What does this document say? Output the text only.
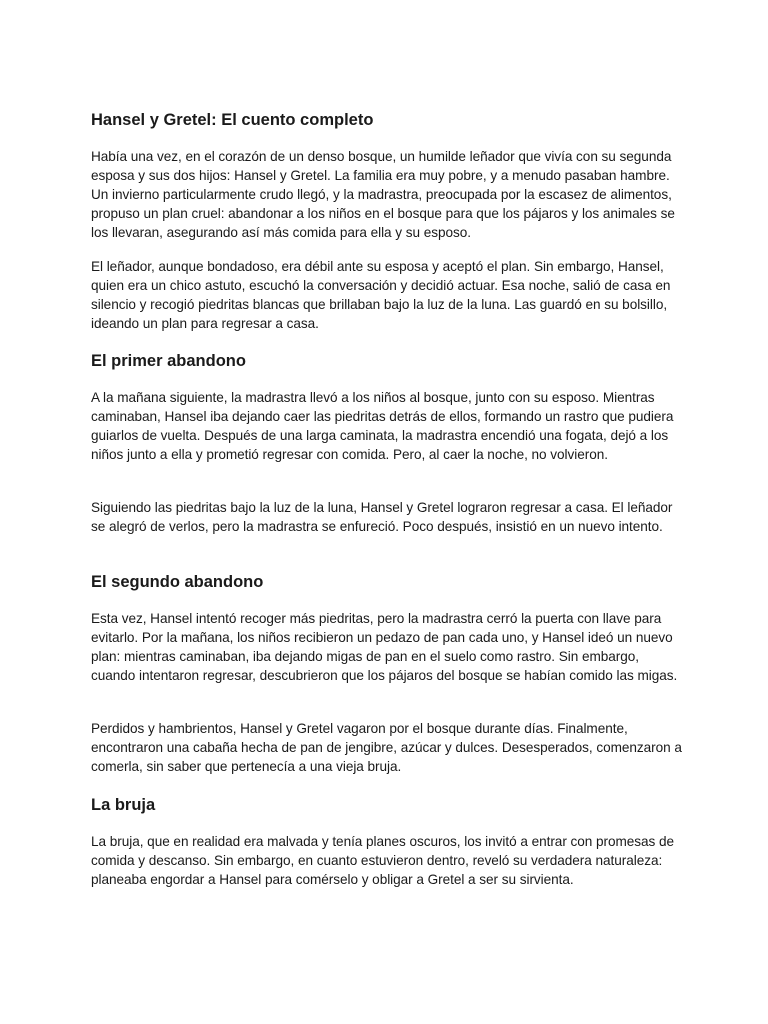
Hansel y Gretel: El cuento completo

Había una vez, en el corazón de un denso bosque, un humilde leñador que vivía con su segunda esposa y sus dos hijos: Hansel y Gretel. La familia era muy pobre, y a menudo pasaban hambre. Un invierno particularmente crudo llegó, y la madrastra, preocupada por la escasez de alimentos, propuso un plan cruel: abandonar a los niños en el bosque para que los pájaros y los animales se los llevaran, asegurando así más comida para ella y su esposo.

El leñador, aunque bondadoso, era débil ante su esposa y aceptó el plan. Sin embargo, Hansel, quien era un chico astuto, escuchó la conversación y decidió actuar. Esa noche, salió de casa en silencio y recogió piedritas blancas que brillaban bajo la luz de la luna. Las guardó en su bolsillo, ideando un plan para regresar a casa.

El primer abandono

A la mañana siguiente, la madrastra llevó a los niños al bosque, junto con su esposo. Mientras caminaban, Hansel iba dejando caer las piedritas detrás de ellos, formando un rastro que pudiera guiarlos de vuelta. Después de una larga caminata, la madrastra encendió una fogata, dejó a los niños junto a ella y prometió regresar con comida. Pero, al caer la noche, no volvieron.

Siguiendo las piedritas bajo la luz de la luna, Hansel y Gretel lograron regresar a casa. El leñador se alegró de verlos, pero la madrastra se enfureció. Poco después, insistió en un nuevo intento.

El segundo abandono

Esta vez, Hansel intentó recoger más piedritas, pero la madrastra cerró la puerta con llave para evitarlo. Por la mañana, los niños recibieron un pedazo de pan cada uno, y Hansel ideó un nuevo plan: mientras caminaban, iba dejando migas de pan en el suelo como rastro. Sin embargo, cuando intentaron regresar, descubrieron que los pájaros del bosque se habían comido las migas.

Perdidos y hambrientos, Hansel y Gretel vagaron por el bosque durante días. Finalmente, encontraron una cabaña hecha de pan de jengibre, azúcar y dulces. Desesperados, comenzaron a comerla, sin saber que pertenecía a una vieja bruja.

La bruja

La bruja, que en realidad era malvada y tenía planes oscuros, los invitó a entrar con promesas de comida y descanso. Sin embargo, en cuanto estuvieron dentro, reveló su verdadera naturaleza: planeaba engordar a Hansel para comérselo y obligar a Gretel a ser su sirvienta.
